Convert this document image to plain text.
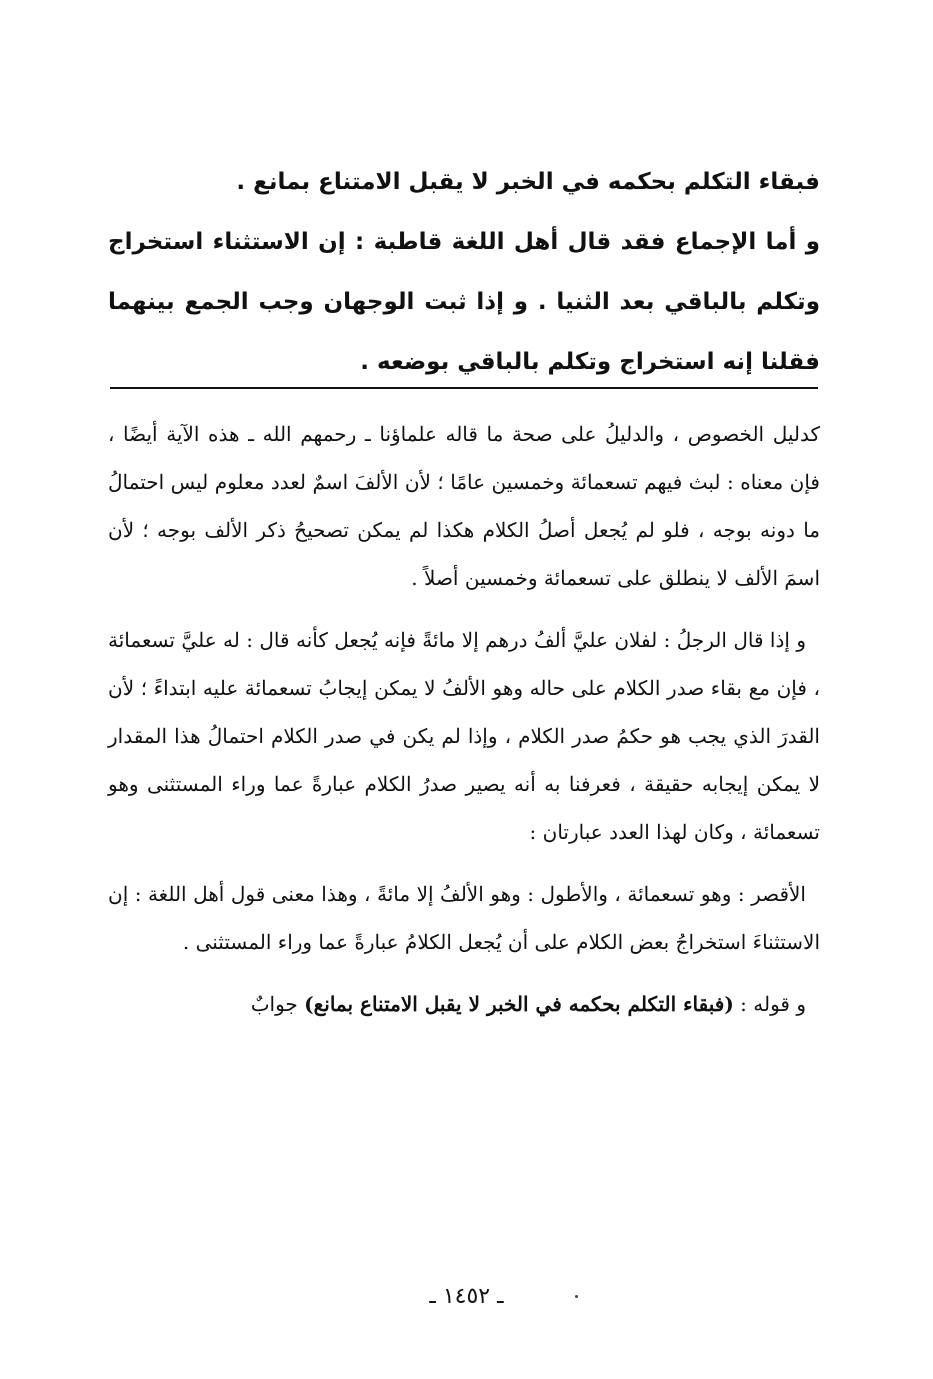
فبقاء التكلم بحكمه في الخبر لا يقبل الامتناع بمانع .

و أما الإجماع فقد قال أهل اللغة قاطبة : إن الاستثناء استخراج وتكلم بالباقي بعد الثنيا . و إذا ثبت الوجهان وجب الجمع بينهما فقلنا إنه استخراج وتكلم بالباقي بوضعه .

كدليل الخصوص ، والدليلُ على صحة ما قاله علماؤنا ـ رحمهم الله ـ هذه الآية أيضًا ، فإن معناه : لبث فيهم تسعمائة وخمسين عامًا ؛ لأن الألفَ اسمٌ لعدد معلوم ليس احتمالُ ما دونه بوجه ، فلو لم يُجعل أصلُ الكلام هكذا لم يمكن تصحيحُ ذكر الألف بوجه ؛ لأن اسمَ الألف لا ينطلق على تسعمائة وخمسين أصلاً .

و إذا قال الرجلُ : لفلان عليَّ ألفُ درهم إلا مائةً فإنه يُجعل كأنه قال : له عليَّ تسعمائة ، فإن مع بقاء صدر الكلام على حاله وهو الألفُ لا يمكن إيجابُ تسعمائة عليه ابتداءً ؛ لأن القدرَ الذي يجب هو حكمُ صدر الكلام ، وإذا لم يكن في صدر الكلام احتمالُ هذا المقدار لا يمكن إيجابه حقيقة ، فعرفنا به أنه يصير صدرُ الكلام عبارةً عما وراء المستثنى وهو تسعمائة ، وكان لهذا العدد عبارتان :

الأقصر : وهو تسعمائة ، والأطول : وهو الألفُ إلا مائةً ، وهذا معنى قول أهل اللغة : إن الاستثناءَ استخراجُ بعض الكلام على أن يُجعل الكلامُ عبارةً عما وراء المستثنى .

و قوله : (فبقاء التكلم بحكمه في الخبر لا يقبل الامتناع بمانع) جوابٌ

ـ ١٤٥٢ ـ
